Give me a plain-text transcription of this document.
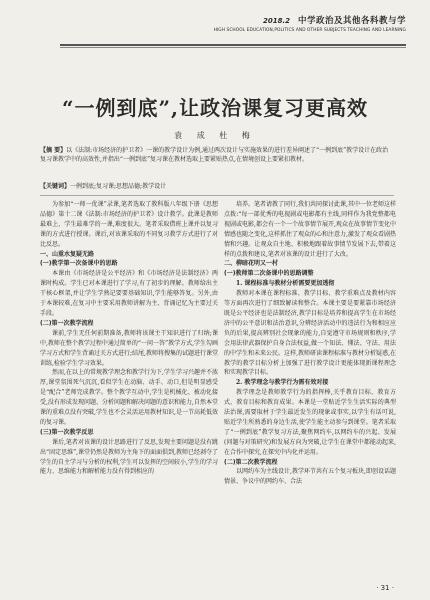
2018.2 中学政治及其他各科教与学
HIGH SCHOOL EDUCATION,POLITICS AND OTHER SUBJECTS TEACHING AND LEARNING
“一例到底”,让政治课复习更高效
袁 成 杜 梅
【摘 要】以《法制:市场经济的护卫者》一课的教学设计为例,通过两次设计与实施效果的进行差异阐述了“一例到底”教学设计在政治复习课教学中的高效性,并指出“一例到底”复习课在教材选取上要紧贴热点,在情境创设上要紧扣教材。
【关键词】一例到底;复习课;思想品德;教学设计

为参加“一师一优课”录课,笔者选取了教科版八年级下册《思想品德》第十二课《法制:市场经济的护卫者》设计教学。此课是教师最难上、学生最难学的一课,难度很大。笔者采取借班上课并以复习课的方式进行授课。课后,对该课采取的不同复习教学方式进行了对比反思。

一、山重水复疑无路

(一)教学第一次备课中的思路

本课由《市场经济是公平经济》和《市场经济是法制经济》两课时构成。学生已对本课进行了学习,有了初步的理解。教师给出主干核心框架,并让学生学熟记要要基础知识,学生能够答复。另外,由于本课较难,在复习中主要采用教师讲解为主、背诵记忆为主要过关手段。

(二)第一次教学流程

课前,学生无任何前期准备,教师将该课主干知识进行了归纳;课中,教师在整个教学过程中通过简单的“一问一答”教学方式,学生勾画学习方式和学生背诵过关方式进行;结尾,教师将搜集的试题进行课堂训练,检验学生学习效果。

然而,在以上的常规教学理念和教学行为下,学生学习兴趣并不浓厚,课堂氛围死气沉沉,看似学生在动脑、动手、动口,但是明显感受是“配合”老师完成教学。整个教学互动中,学生是机械化、被动化接受,没有形成发现问题、分析问题和解决问题的意识和能力,自然本堂课的重难点没有突破,学生也不会灵活运用教材知识,是一节高耗低效的复习课。

(三)第一次教学反思

课后,笔者对该课的设计思路进行了反思,发现主要问题是没有跳出“固定思维”,课堂仍然是教师为主角下的面面俱到,教师已经剥夺了学生的自主学习与分析的权利,学生可以发挥的空间较小,学生的学习能力、思维能力和解析能力没有得到相应的

培养。笔者请教了同行,我们共同探讨此课,其中一位老师这样点拨:“每一部优秀的电视剧或电影都有主线,同样作为我党整都电视剧或电影,都会有一个一个故事情节展开,观众在故事情节变化中情感也随之变化,这样抓住了观众的心和注意力,激发了观众看剧热情和兴趣。让观众自主地、积极地跟着故事情节发展下去,带着这样的点拨和建议,笔者对该课的设计进行了大改。

二、柳暗花明又一村

(一)教师第二次备课中的思路调整

1. 课程标准与教材分析需要更加透彻

教师对本课在课程标准、教学目标、教学重难点及教材内容等方面再次进行了细致解读和整合。本课主要是要紧靠市场经济既是公平经济也是法制经济,教学目标是培养和提高学生在市场经济中的公平意识和法治意识,分辨经济活动中的违法行为和相应应负的后果,提高辨别社会现象的能力,自觉遵守市场规则和秩序,学会用法律武器保护自身合法权益,做一个知法、懂法、守法、用法的中学生和未来公民。这样,教师研读课程标准与教材分析疑惑,在教学的教学目标分析上加强了进行教学设计更能体现新课程理念和实现教学目标。

2. 教学理念与教学行为需有效对接

教学理念是教师教学行为的指挥棒,关乎教育目标、教育方式、教育目标和教育成果。本课是一堂贴近学生生活实际的典型法治课,需要取材于学生最近发生的现象或事实,以学生有话可说,贴近学生所熟悉的身边生活,使学生能主动参与到课堂。笔者采取了“一例到底”教学复习方法,聚焦网约车,以网约车的兴起、发展(问题与对策研究)和发展方向为突破,让学生在课堂中都能动起来,在合作中探究,在探究中内化并运用。

(二)第二次教学流程

以网约车为主线设计,教学环节共有五个复习板块,即创设话题情景、争议中的网约车、合法

· 31 ·
